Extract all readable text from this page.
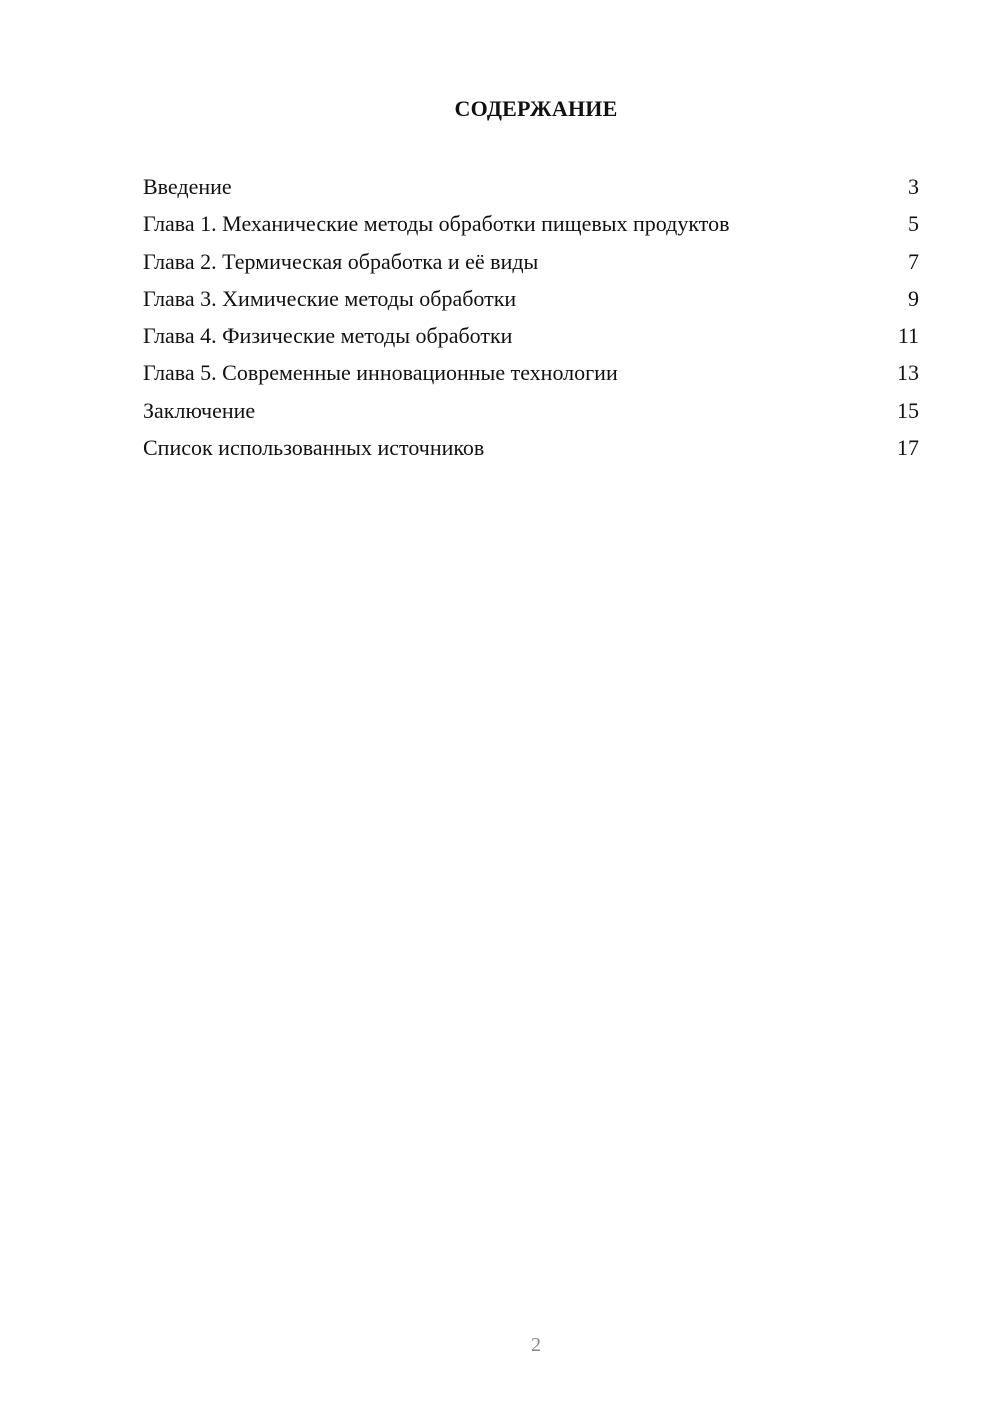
СОДЕРЖАНИЕ
Введение	3
Глава 1. Механические методы обработки пищевых продуктов	5
Глава 2. Термическая обработка и её виды	7
Глава 3. Химические методы обработки	9
Глава 4. Физические методы обработки	11
Глава 5. Современные инновационные технологии	13
Заключение	15
Список использованных источников	17
2
